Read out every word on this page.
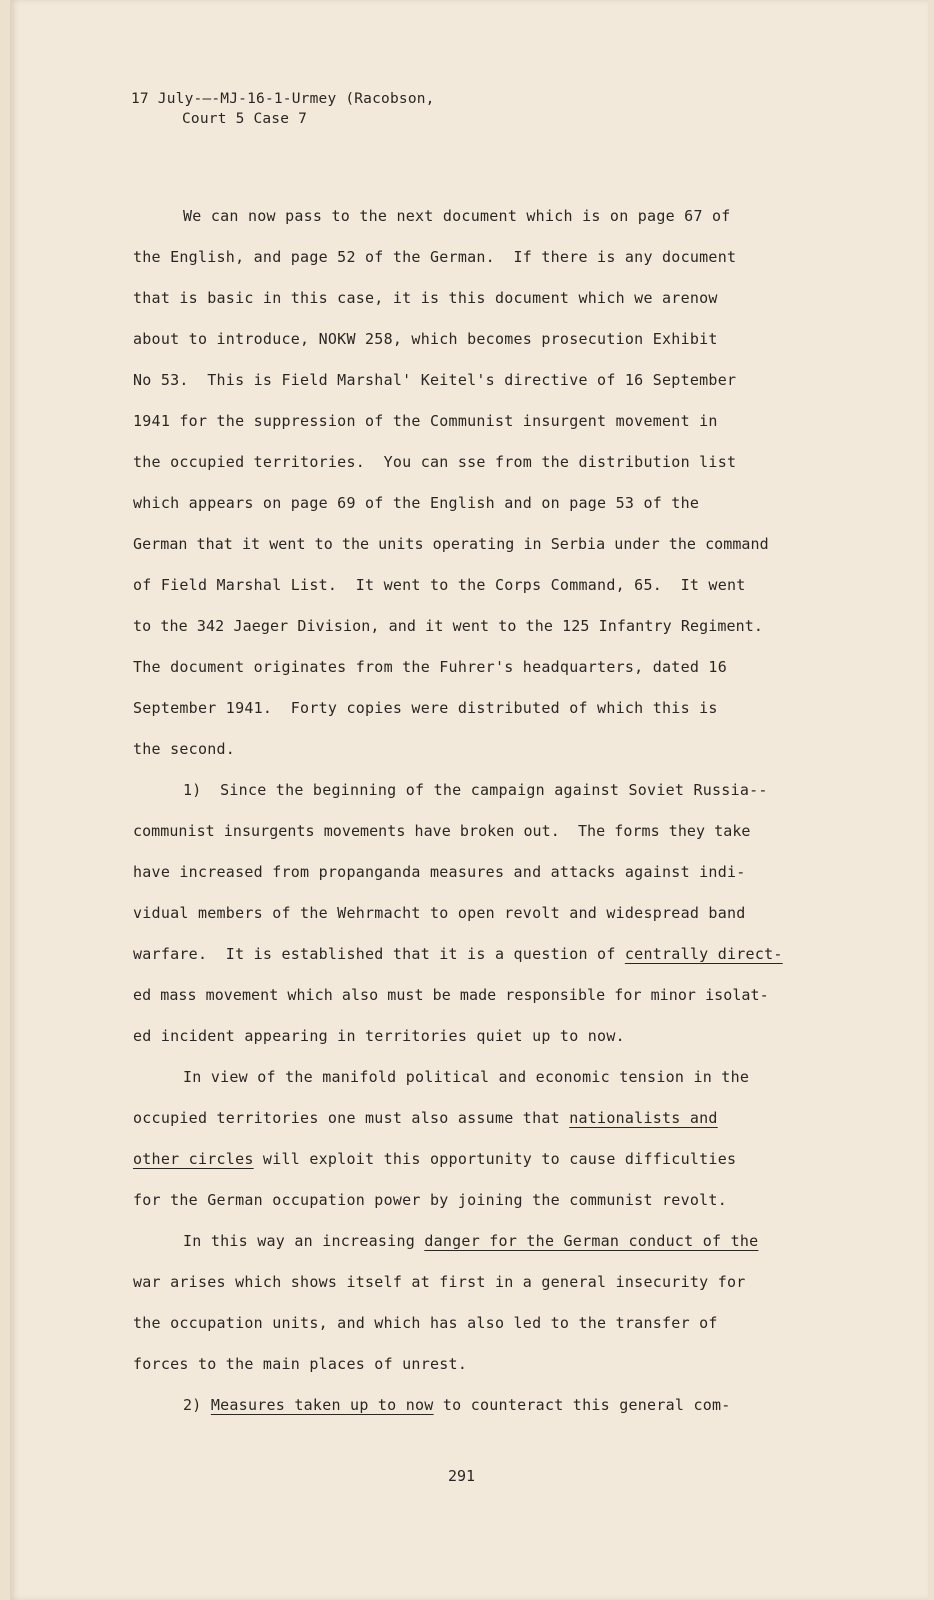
17 July-–-MJ-16-1-Urmey (Racobson,
Court 5 Case 7
We can now pass to the next document which is on page 67 of
the English, and page 52 of the German.  If there is any document
that is basic in this case, it is this document which we arenow
about to introduce, NOKW 258, which becomes prosecution Exhibit
No 53.  This is Field Marshal' Keitel's directive of 16 September
1941 for the suppression of the Communist insurgent movement in
the occupied territories.  You can sse from the distribution list
which appears on page 69 of the English and on page 53 of the
German that it went to the units operating in Serbia under the command
of Field Marshal List.  It went to the Corps Command, 65.  It went
to the 342 Jaeger Division, and it went to the 125 Infantry Regiment.
The document originates from the Fuhrer's headquarters, dated 16
September 1941.  Forty copies were distributed of which this is
the second.
1)  Since the beginning of the campaign against Soviet Russia--
communist insurgents movements have broken out.  The forms they take
have increased from propanganda measures and attacks against indi-
vidual members of the Wehrmacht to open revolt and widespread band
warfare.  It is established that it is a question of centrally direct-
ed mass movement which also must be made responsible for minor isolat-
ed incident appearing in territories quiet up to now.
In view of the manifold political and economic tension in the
occupied territories one must also assume that nationalists and
other circles will exploit this opportunity to cause difficulties
for the German occupation power by joining the communist revolt.
In this way an increasing danger for the German conduct of the
war arises which shows itself at first in a general insecurity for
the occupation units, and which has also led to the transfer of
forces to the main places of unrest.
2) Measures taken up to now to counteract this general com-
291
